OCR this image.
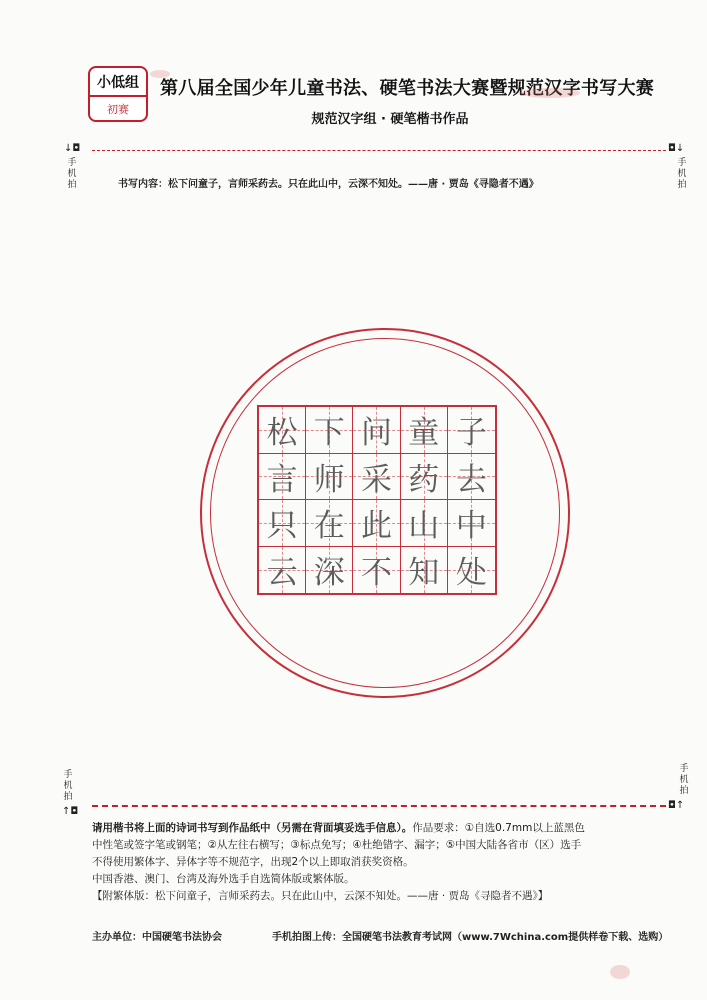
小低组
初赛
第八届全国少年儿童书法、硬笔书法大赛暨规范汉字书写大赛
规范汉字组 · 硬笔楷书作品
↓◘	◘↓
手机拍
手机拍
书写内容：松下问童子，言师采药去。只在此山中，云深不知处。——唐 · 贾岛《寻隐者不遇》
松 下 问 童 子
言 师 采 药 去
只 在 此 山 中
云 深 不 知 处
手机拍
手机拍
↑◘
◘↑

请用楷书将上面的诗词书写到作品纸中（另需在背面填妥选手信息）。作品要求：①自选0.7mm以上蓝黑色

中性笔或签字笔或钢笔；②从左往右横写；③标点免写；④杜绝错字、漏字；⑤中国大陆各省市（区）选手

不得使用繁体字、异体字等不规范字，出现2个以上即取消获奖资格。

中国香港、澳门、台湾及海外选手自选简体版或繁体版。

【附繁体版：松下问童子，言师采药去。只在此山中，云深不知处。——唐 · 贾岛《寻隐者不遇》】

主办单位：中国硬笔书法协会	手机拍图上传：全国硬笔书法教育考试网（www.7Wchina.com提供样卷下载、选购）
